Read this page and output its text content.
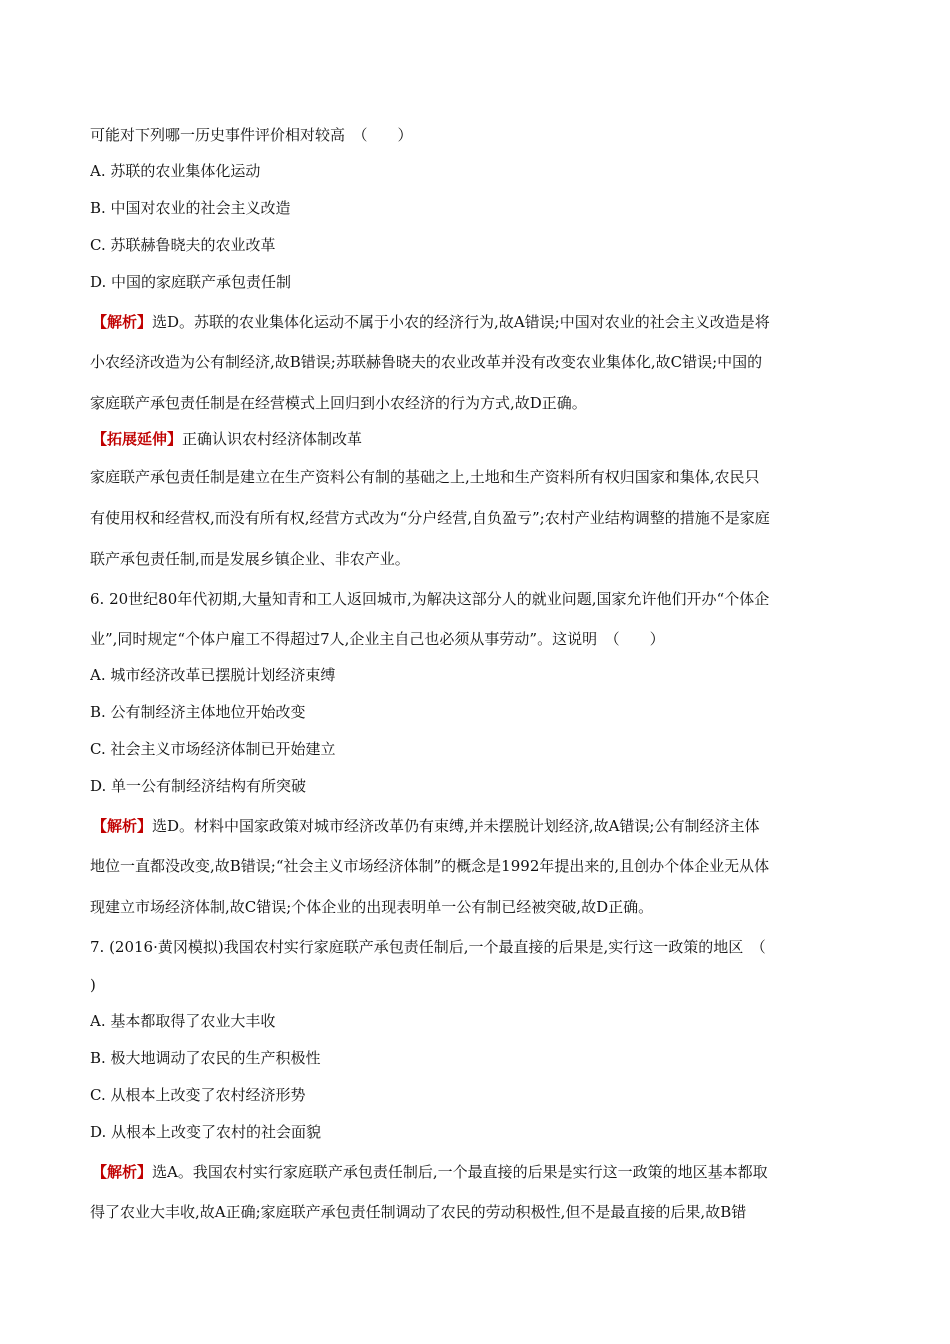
可能对下列哪一历史事件评价相对较高　（　　）
A. 苏联的农业集体化运动
B. 中国对农业的社会主义改造
C. 苏联赫鲁晓夫的农业改革
D. 中国的家庭联产承包责任制
【解析】选D。苏联的农业集体化运动不属于小农的经济行为,故A错误;中国对农业的社会主义改造是将
小农经济改造为公有制经济,故B错误;苏联赫鲁晓夫的农业改革并没有改变农业集体化,故C错误;中国的
家庭联产承包责任制是在经营模式上回归到小农经济的行为方式,故D正确。
【拓展延伸】正确认识农村经济体制改革
家庭联产承包责任制是建立在生产资料公有制的基础之上,土地和生产资料所有权归国家和集体,农民只
有使用权和经营权,而没有所有权,经营方式改为“分户经营,自负盈亏”;农村产业结构调整的措施不是家庭
联产承包责任制,而是发展乡镇企业、非农产业。
6. 20世纪80年代初期,大量知青和工人返回城市,为解决这部分人的就业问题,国家允许他们开办“个体企
业”,同时规定“个体户雇工不得超过7人,企业主自己也必须从事劳动”。这说明　（　　）
A. 城市经济改革已摆脱计划经济束缚
B. 公有制经济主体地位开始改变
C. 社会主义市场经济体制已开始建立
D. 单一公有制经济结构有所突破
【解析】选D。材料中国家政策对城市经济改革仍有束缚,并未摆脱计划经济,故A错误;公有制经济主体
地位一直都没改变,故B错误;“社会主义市场经济体制”的概念是1992年提出来的,且创办个体企业无从体
现建立市场经济体制,故C错误;个体企业的出现表明单一公有制已经被突破,故D正确。
7. (2016·黄冈模拟)我国农村实行家庭联产承包责任制后,一个最直接的后果是,实行这一政策的地区　（
)
A. 基本都取得了农业大丰收
B. 极大地调动了农民的生产积极性
C. 从根本上改变了农村经济形势
D. 从根本上改变了农村的社会面貌
【解析】选A。我国农村实行家庭联产承包责任制后,一个最直接的后果是实行这一政策的地区基本都取
得了农业大丰收,故A正确;家庭联产承包责任制调动了农民的劳动积极性,但不是最直接的后果,故B错
